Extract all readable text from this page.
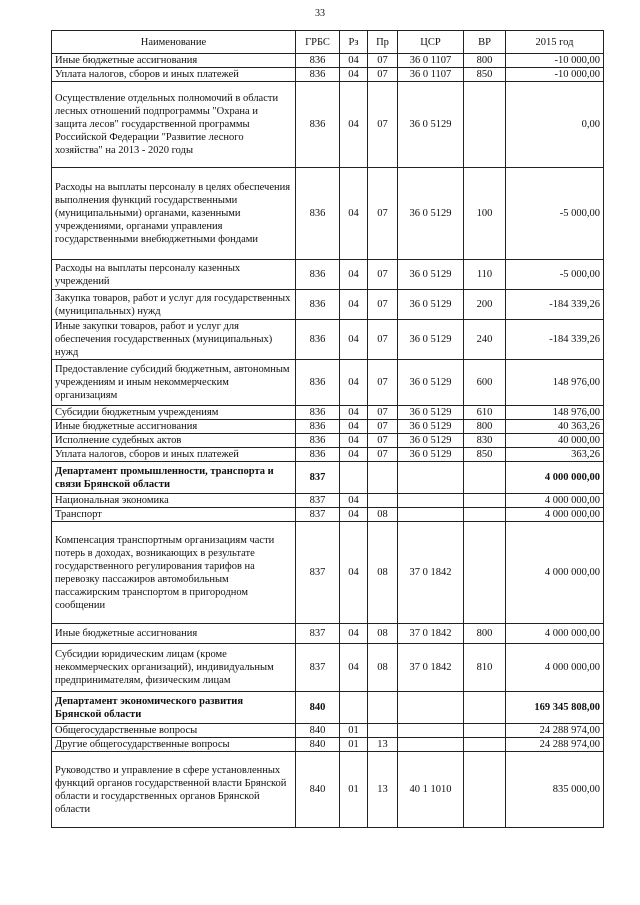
33
Наименование	ГРБС	Рз	Пр	ЦСР	ВР	2015 год
Иные бюджетные ассигнования	836	04	07	36 0 1107	800	-10 000,00
Уплата налогов, сборов и иных платежей	836	04	07	36 0 1107	850	-10 000,00
Осуществление отдельных полномочий в области лесных отношений подпрограммы "Охрана и защита лесов" государственной программы Российской Федерации "Развитие лесного хозяйства" на 2013 - 2020 годы	836	04	07	36 0 5129		0,00
Расходы на выплаты персоналу в целях обеспечения выполнения функций государственными (муниципальными) органами, казенными учреждениями, органами управления государственными внебюджетными фондами	836	04	07	36 0 5129	100	-5 000,00
Расходы на выплаты персоналу казенных учреждений	836	04	07	36 0 5129	110	-5 000,00
Закупка товаров, работ и услуг для государственных (муниципальных) нужд	836	04	07	36 0 5129	200	-184 339,26
Иные закупки товаров, работ и услуг для обеспечения государственных (муниципальных) нужд	836	04	07	36 0 5129	240	-184 339,26
Предоставление субсидий бюджетным, автономным учреждениям и иным некоммерческим организациям	836	04	07	36 0 5129	600	148 976,00
Субсидии бюджетным учреждениям	836	04	07	36 0 5129	610	148 976,00
Иные бюджетные ассигнования	836	04	07	36 0 5129	800	40 363,26
Исполнение судебных актов	836	04	07	36 0 5129	830	40 000,00
Уплата налогов, сборов и иных платежей	836	04	07	36 0 5129	850	363,26
Департамент промышленности, транспорта и связи Брянской области	837					4 000 000,00
Национальная экономика	837	04				4 000 000,00
Транспорт	837	04	08			4 000 000,00
Компенсация транспортным организациям части потерь в доходах, возникающих в результате государственного регулирования тарифов на перевозку пассажиров автомобильным пассажирским транспортом в пригородном сообщении	837	04	08	37 0 1842		4 000 000,00
Иные бюджетные ассигнования	837	04	08	37 0 1842	800	4 000 000,00
Субсидии юридическим лицам (кроме некоммерческих организаций), индивидуальным предпринимателям, физическим лицам	837	04	08	37 0 1842	810	4 000 000,00
Департамент экономического развития Брянской области	840					169 345 808,00
Общегосударственные вопросы	840	01				24 288 974,00
Другие общегосударственные вопросы	840	01	13			24 288 974,00
Руководство и управление в сфере установленных функций органов государственной власти Брянской области и государственных органов Брянской области	840	01	13	40 1 1010		835 000,00
